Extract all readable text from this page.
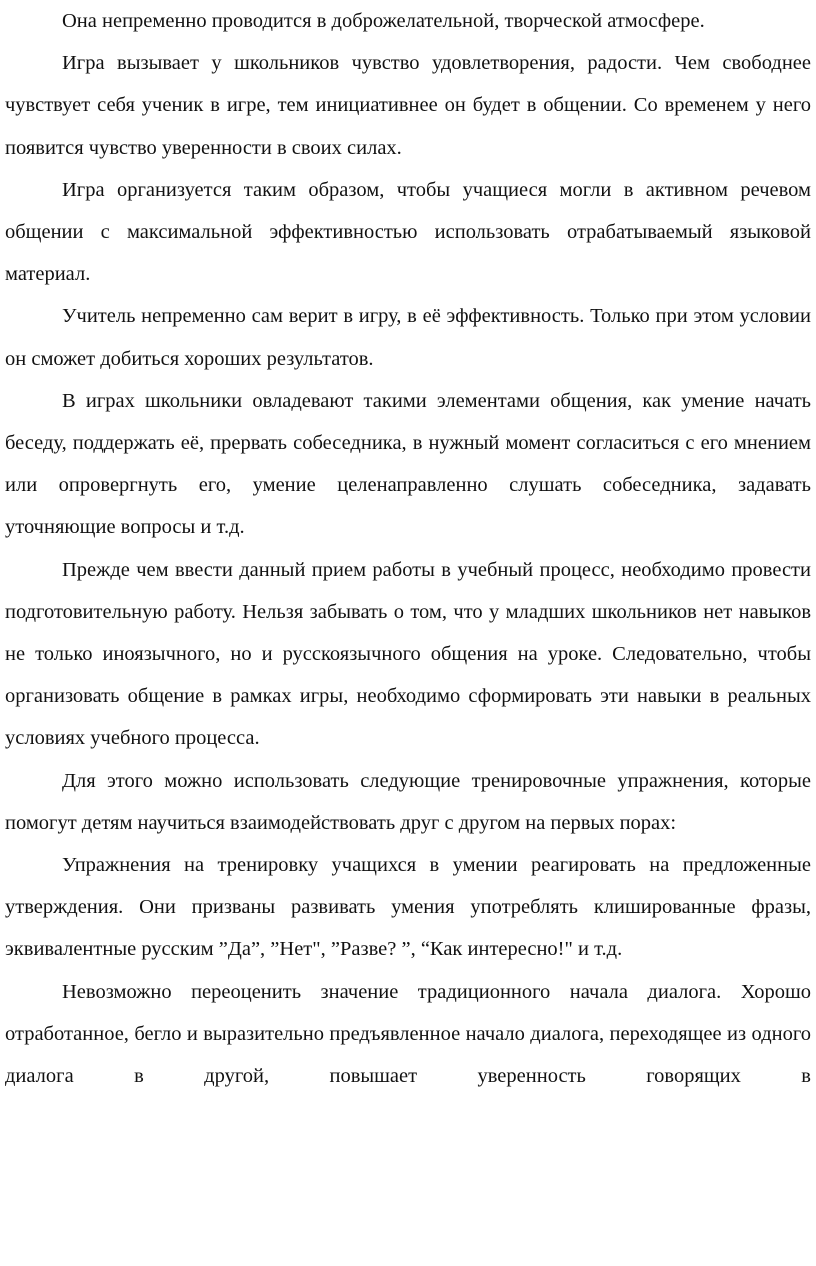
Она непременно проводится в доброжелательной, творческой атмосфере.

Игра вызывает у школьников чувство удовлетворения, радости. Чем свободнее чувствует себя ученик в игре, тем инициативнее он будет в общении. Со временем у него появится чувство уверенности в своих силах.

Игра организуется таким образом, чтобы учащиеся могли в активном речевом общении с максимальной эффективностью использовать отрабатываемый языковой материал.

Учитель непременно сам верит в игру, в её эффективность. Только при этом условии он сможет добиться хороших результатов.

В играх школьники овладевают такими элементами общения, как умение начать беседу, поддержать её, прервать собеседника, в нужный момент согласиться с его мнением или опровергнуть его, умение целенаправленно слушать собеседника, задавать уточняющие вопросы и т.д.

Прежде чем ввести данный прием работы в учебный процесс, необходимо провести подготовительную работу. Нельзя забывать о том, что у младших школьников нет навыков не только иноязычного, но и русскоязычного общения на уроке. Следовательно, чтобы организовать общение в рамках игры, необходимо сформировать эти навыки в реальных условиях учебного процесса.

Для этого можно использовать следующие тренировочные упражнения, которые помогут детям научиться взаимодействовать друг с другом на первых порах:

Упражнения на тренировку учащихся в умении реагировать на предложенные утверждения. Они призваны развивать умения употреблять клишированные фразы, эквивалентные русским ”Да”, ”Нет", ”Разве? ”, “Как интересно!" и т.д.

Невозможно переоценить значение традиционного начала диалога. Хорошо отработанное, бегло и выразительно предъявленное начало диалога, переходящее из одного диалога в другой, повышает уверенность говорящих в
